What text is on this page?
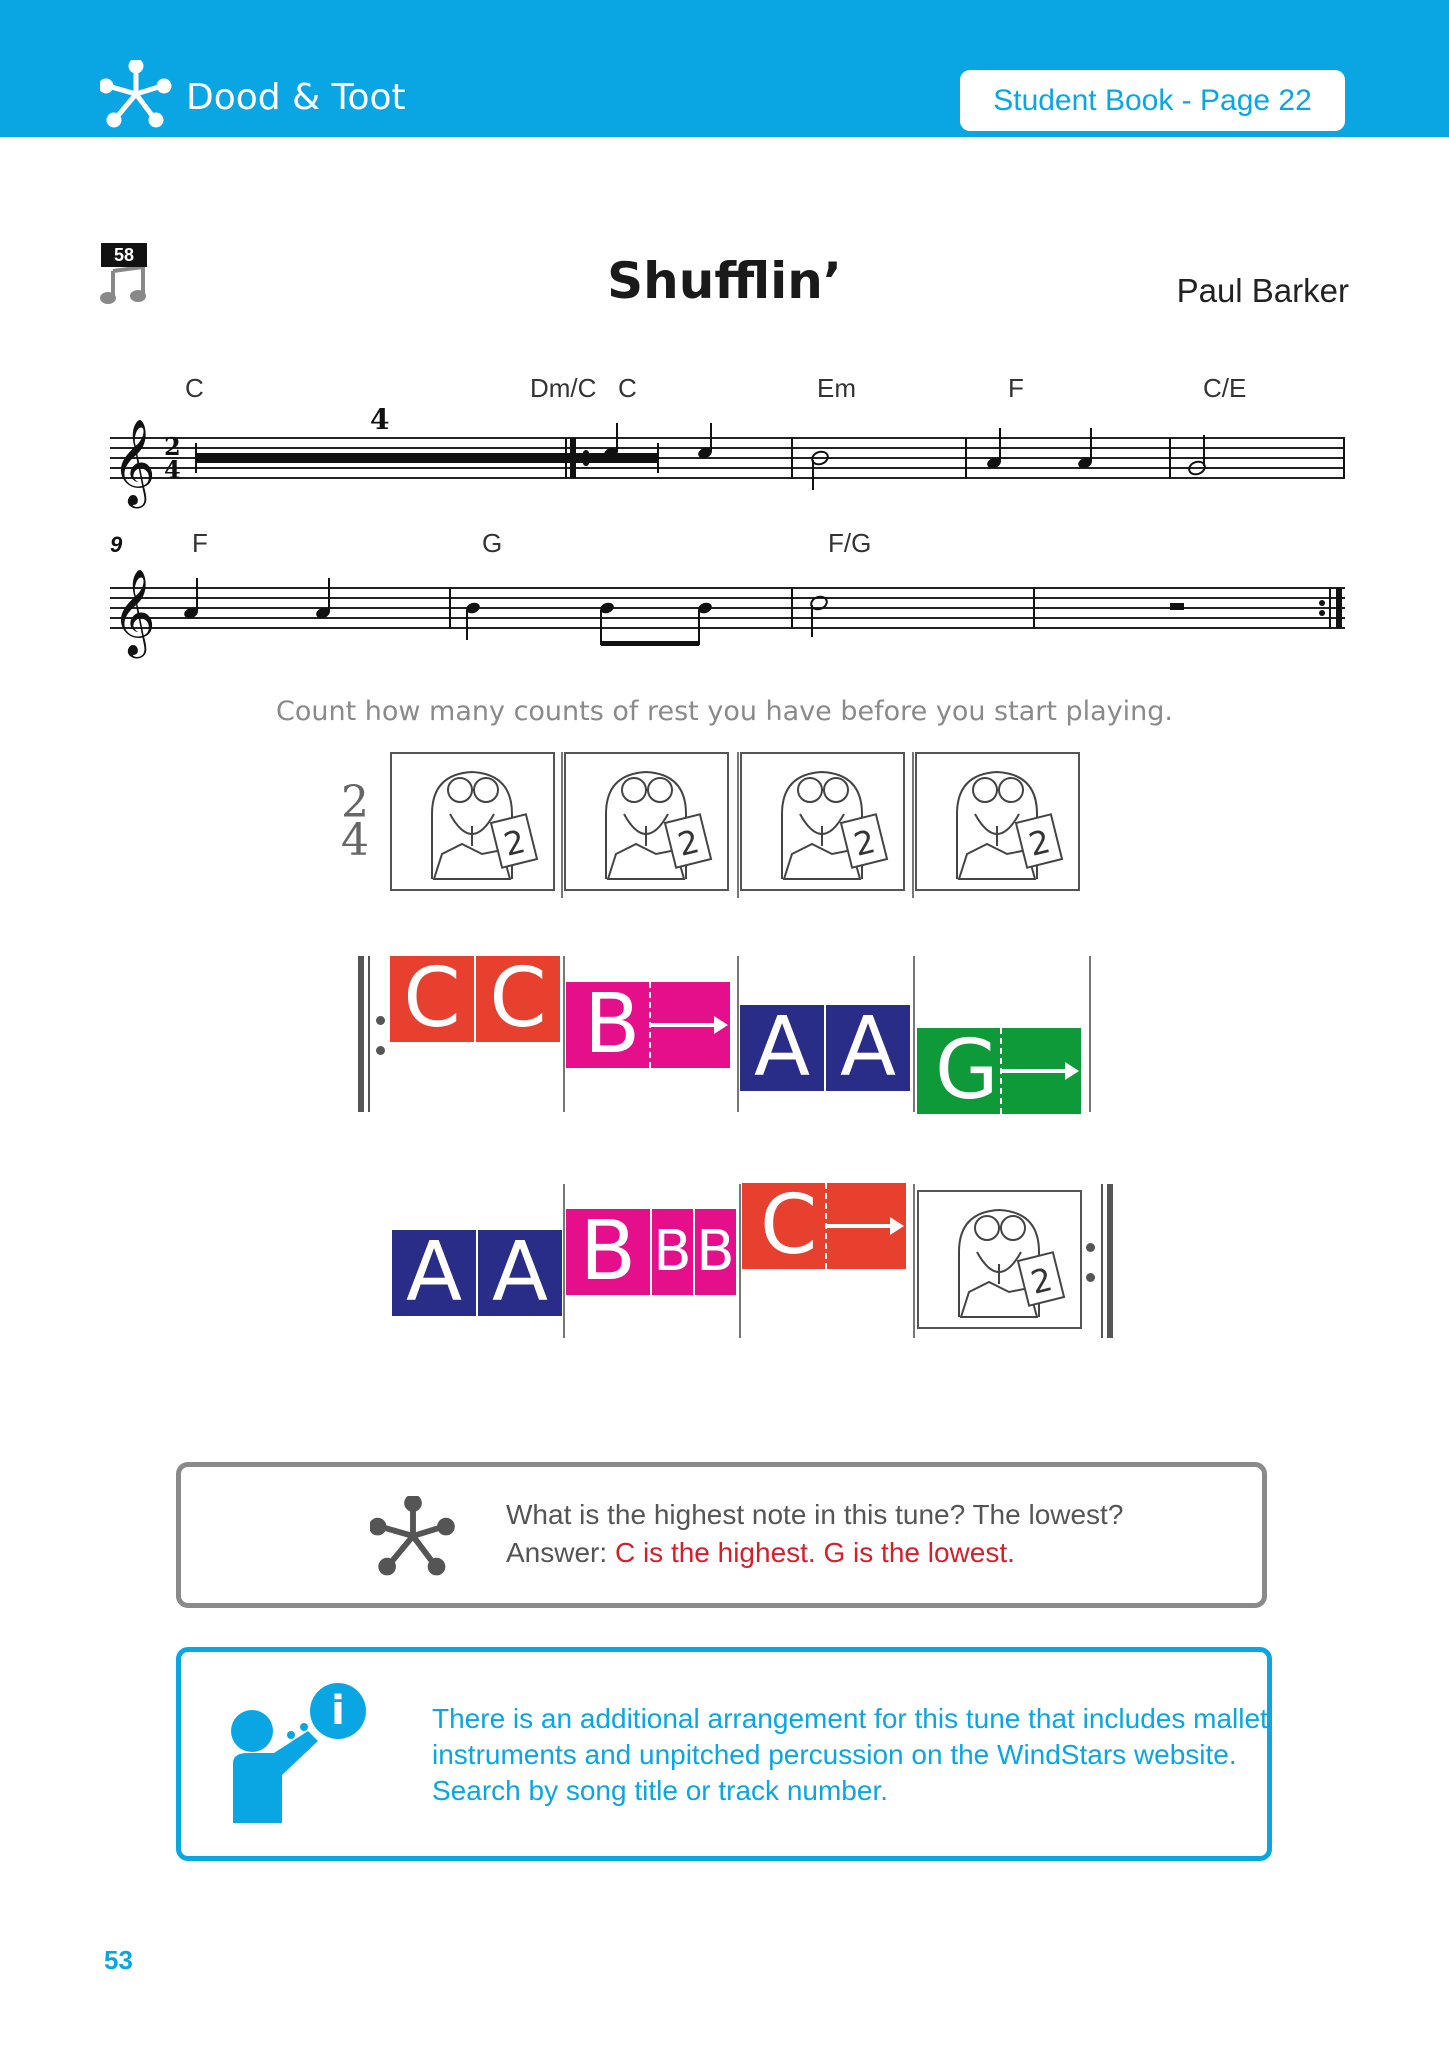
Dood & Toot	Student Book - Page 22
58	Shufflin’	Paul Barker
C	Dm/C C	Em	F	C/E
𝄞 2
4
4
9	F	G	F/G
𝄞
Count how many counts of rest you have before you start playing.
2
4	2	2	2	2
C C B A A G
A A B B B C
2
What is the highest note in this tune? The lowest?
Answer: C is the highest. G is the lowest.
i	There is an additional arrangement for this tune that includes mallet
instruments and unpitched percussion on the WindStars website.
Search by song title or track number.
53
